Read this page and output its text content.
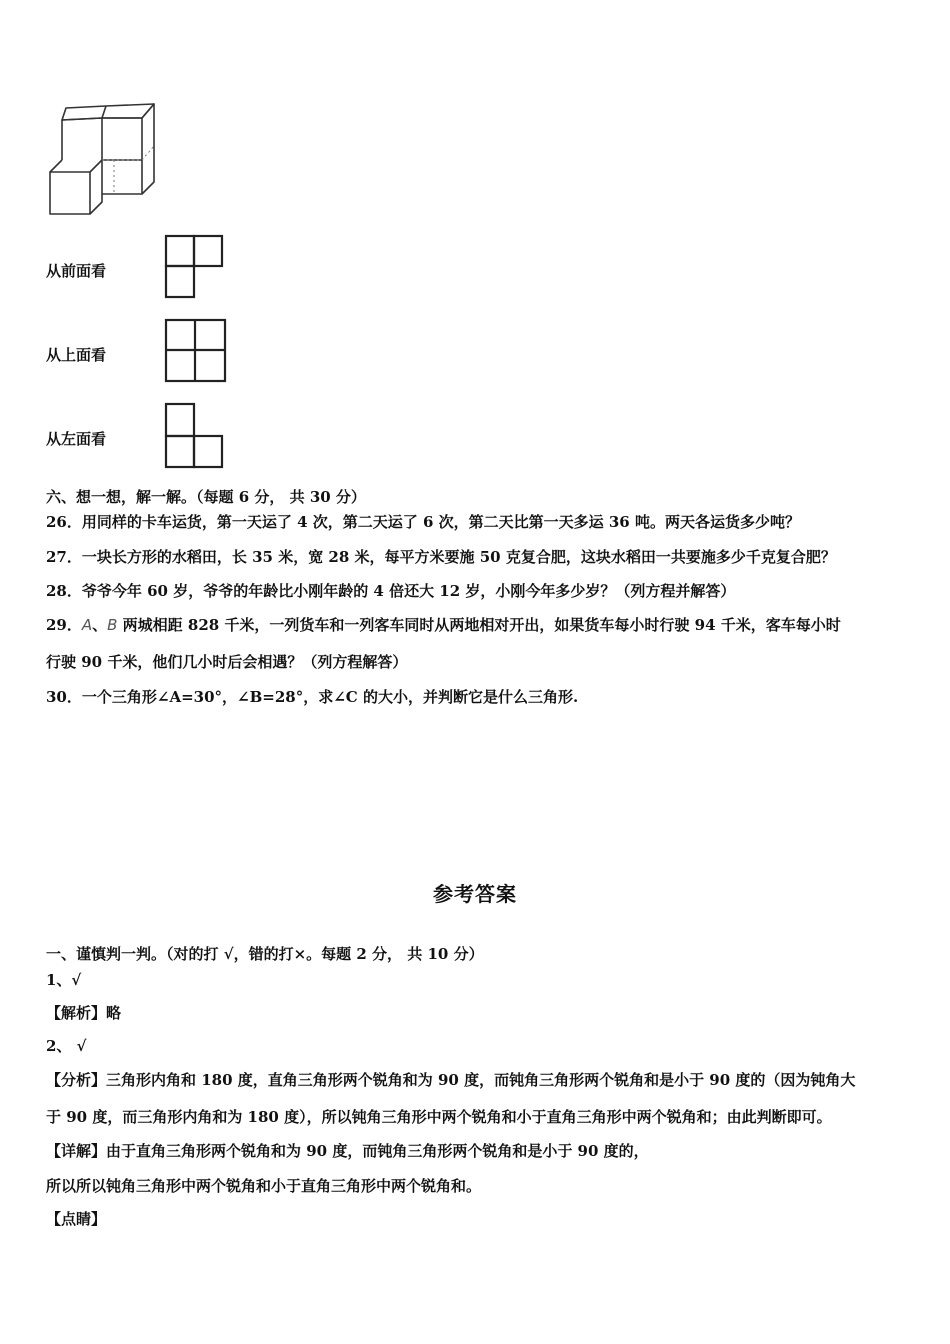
从前面看
从上面看
从左面看
六、想一想，解一解。（每题 6 分， 共 30 分）
26．用同样的卡车运货，第一天运了 4 次，第二天运了 6 次，第二天比第一天多运 36 吨。两天各运货多少吨？
27．一块长方形的水稻田，长 35 米，宽 28 米，每平方米要施 50 克复合肥，这块水稻田一共要施多少千克复合肥？
28．爷爷今年 60 岁，爷爷的年龄比小刚年龄的 4 倍还大 12 岁，小刚今年多少岁？（列方程并解答）
29．A、B 两城相距 828 千米，一列货车和一列客车同时从两地相对开出，如果货车每小时行驶 94 千米，客车每小时
行驶 90 千米，他们几小时后会相遇？（列方程解答）
30．一个三角形∠A=30°，∠B=28°，求∠C 的大小，并判断它是什么三角形.
参考答案
一、谨慎判一判。（对的打 √，错的打×。每题 2 分， 共 10 分）
1、√
【解析】略
2、 √
【分析】三角形内角和 180 度，直角三角形两个锐角和为 90 度，而钝角三角形两个锐角和是小于 90 度的（因为钝角大
于 90 度，而三角形内角和为 180 度），所以钝角三角形中两个锐角和小于直角三角形中两个锐角和；由此判断即可。
【详解】由于直角三角形两个锐角和为 90 度，而钝角三角形两个锐角和是小于 90 度的，
所以所以钝角三角形中两个锐角和小于直角三角形中两个锐角和。
【点睛】
